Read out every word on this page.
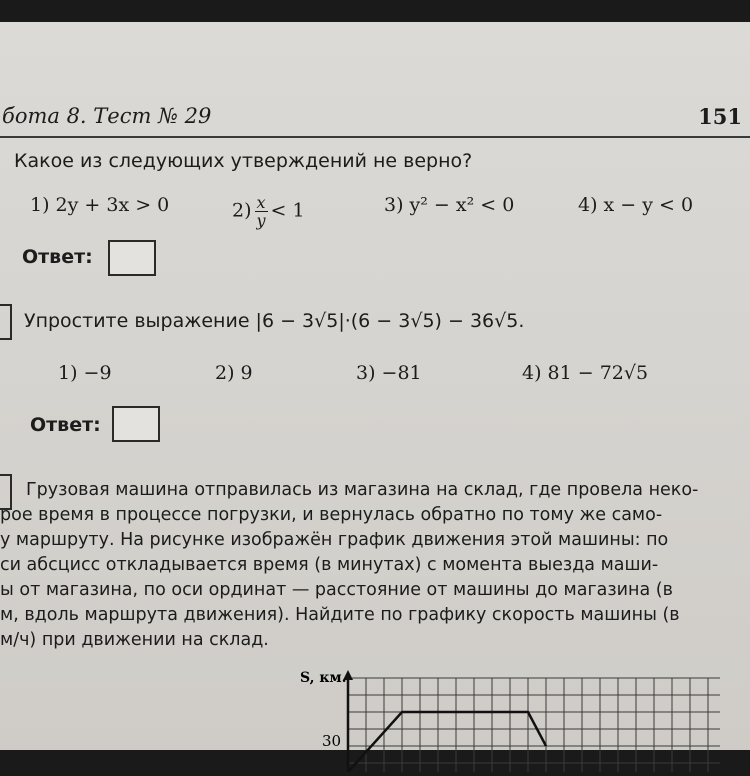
бота 8. Тест № 29	151
Какое из следующих утверждений не верно?
1) 2y + 3x > 0	$2) \frac{x}{y} < 1$	3) y² − x² < 0	4) x − y < 0
Ответ:
Упростите выражение |6 − 3√5|·(6 − 3√5) − 36√5.
1) −9	2) 9	3) −81	4) 81 − 72√5
Ответ:
Грузовая машина отправилась из магазина на склад, где провела неко-
рое время в процессе погрузки, и вернулась обратно по тому же само-
у маршруту. На рисунке изображён график движения этой машины: по
си абсцисс откладывается время (в минутах) с момента выезда маши-
ы от магазина, по оси ординат — расстояние от машины до магазина (в
м, вдоль маршрута движения). Найдите по графику скорость машины (в
м/ч) при движении на склад.
S, км.
30
